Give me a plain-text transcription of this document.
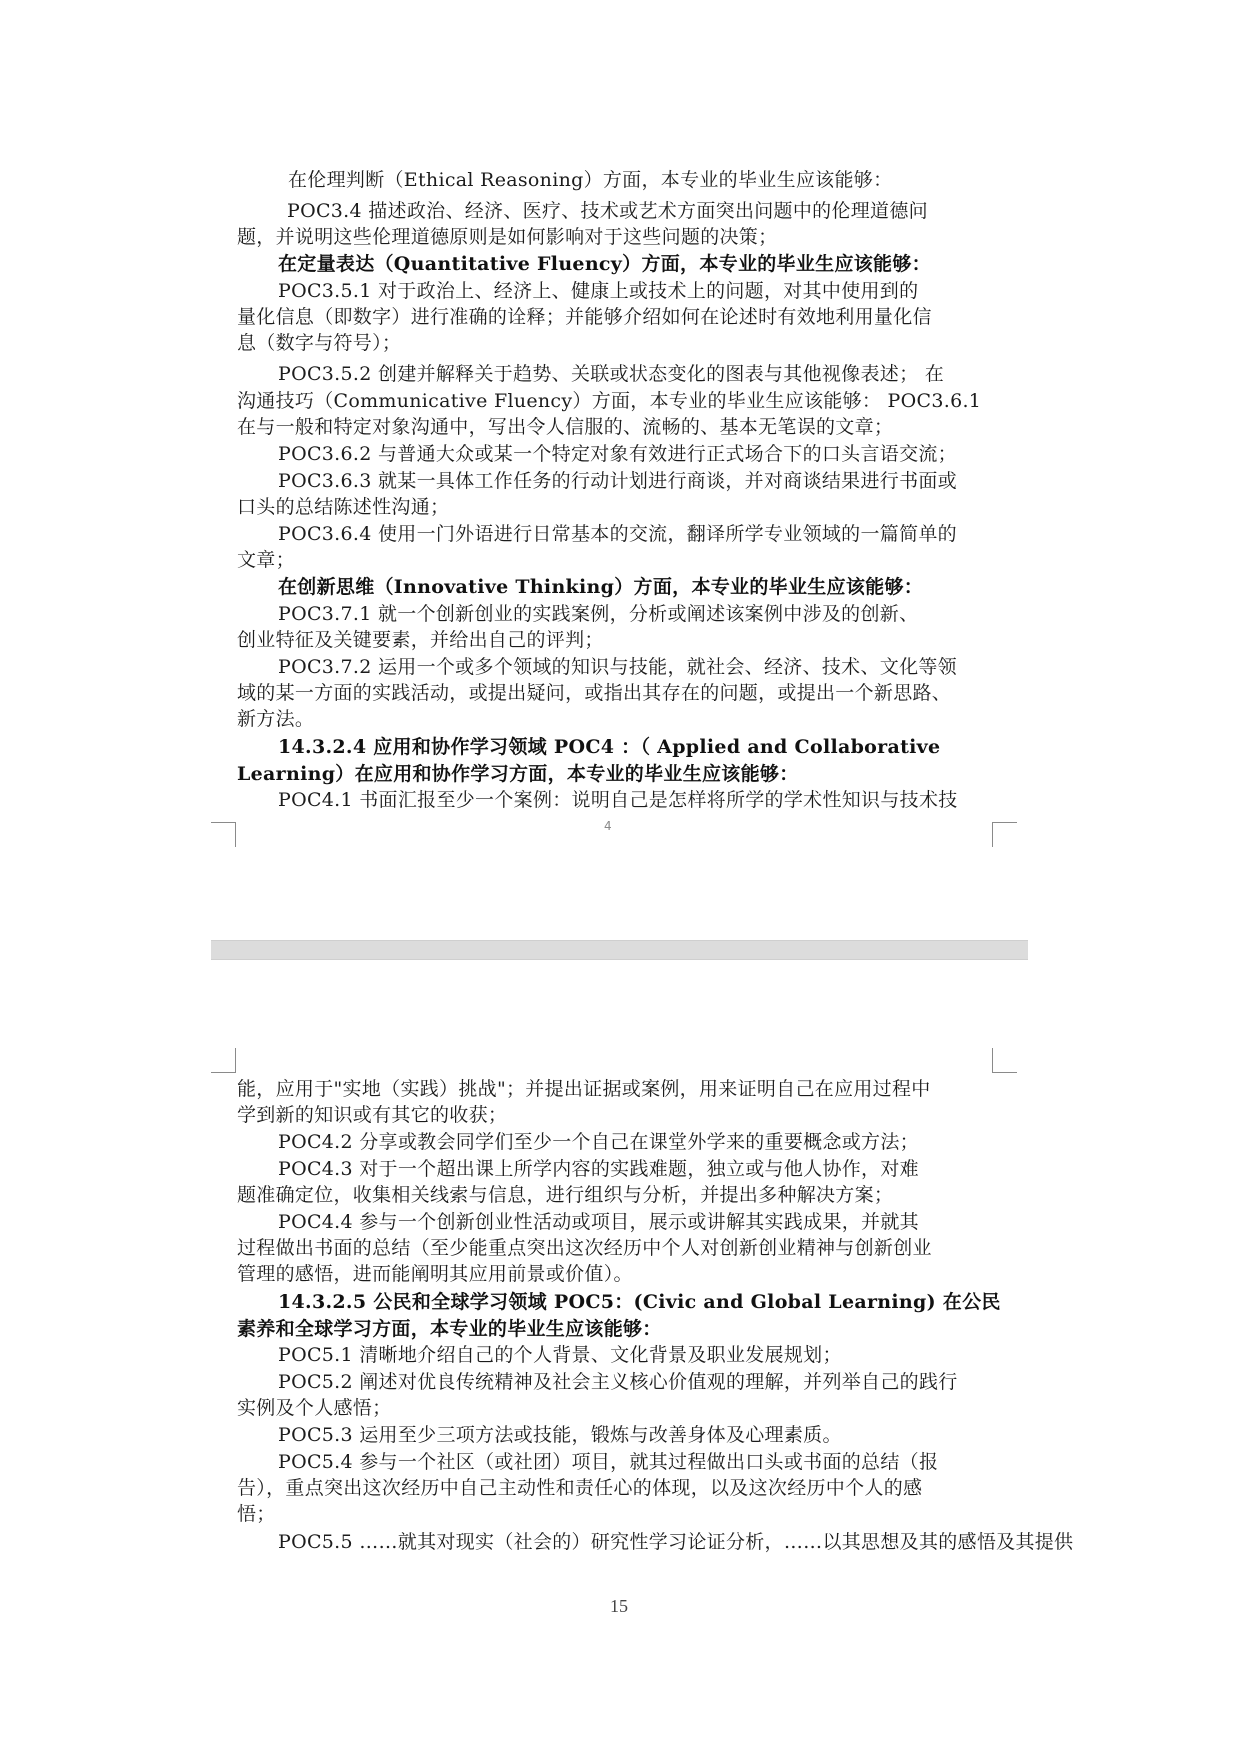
在伦理判断（Ethical Reasoning）方面，本专业的毕业生应该能够：
POC3.4 描述政治、经济、医疗、技术或艺术方面突出问题中的伦理道德问
题，并说明这些伦理道德原则是如何影响对于这些问题的决策；
在定量表达（Quantitative Fluency）方面，本专业的毕业生应该能够：
POC3.5.1 对于政治上、经济上、健康上或技术上的问题，对其中使用到的
量化信息（即数字）进行准确的诠释；并能够介绍如何在论述时有效地利用量化信
息（数字与符号）；
POC3.5.2 创建并解释关于趋势、关联或状态变化的图表与其他视像表述； 在
沟通技巧（Communicative Fluency）方面，本专业的毕业生应该能够： POC3.6.1
在与一般和特定对象沟通中，写出令人信服的、流畅的、基本无笔误的文章；
POC3.6.2 与普通大众或某一个特定对象有效进行正式场合下的口头言语交流；
POC3.6.3 就某一具体工作任务的行动计划进行商谈，并对商谈结果进行书面或
口头的总结陈述性沟通；
POC3.6.4 使用一门外语进行日常基本的交流，翻译所学专业领域的一篇简单的
文章；
在创新思维（Innovative Thinking）方面，本专业的毕业生应该能够：
POC3.7.1 就一个创新创业的实践案例，分析或阐述该案例中涉及的创新、
创业特征及关键要素，并给出自己的评判；
POC3.7.2 运用一个或多个领域的知识与技能，就社会、经济、技术、文化等领
域的某一方面的实践活动，或提出疑问，或指出其存在的问题，或提出一个新思路、
新方法。
14.3.2.4 应用和协作学习领域 POC4 ：（ Applied and Collaborative
Learning）在应用和协作学习方面，本专业的毕业生应该能够：
POC4.1 书面汇报至少一个案例：说明自己是怎样将所学的学术性知识与技术技
4
能，应用于"实地（实践）挑战"；并提出证据或案例，用来证明自己在应用过程中
学到新的知识或有其它的收获；
POC4.2 分享或教会同学们至少一个自己在课堂外学来的重要概念或方法；
POC4.3 对于一个超出课上所学内容的实践难题，独立或与他人协作，对难
题准确定位，收集相关线索与信息，进行组织与分析，并提出多种解决方案；
POC4.4 参与一个创新创业性活动或项目，展示或讲解其实践成果，并就其
过程做出书面的总结（至少能重点突出这次经历中个人对创新创业精神与创新创业
管理的感悟，进而能阐明其应用前景或价值）。
14.3.2.5 公民和全球学习领域 POC5：(Civic and Global Learning) 在公民
素养和全球学习方面，本专业的毕业生应该能够：
POC5.1 清晰地介绍自己的个人背景、文化背景及职业发展规划；
POC5.2 阐述对优良传统精神及社会主义核心价值观的理解，并列举自己的践行
实例及个人感悟；
POC5.3 运用至少三项方法或技能，锻炼与改善身体及心理素质。
POC5.4 参与一个社区（或社团）项目，就其过程做出口头或书面的总结（报
告），重点突出这次经历中自己主动性和责任心的体现，以及这次经历中个人的感
悟；
POC5.5 ……就其对现实（社会的）研究性学习论证分析，……以其思想及其的感悟及其提供
15
